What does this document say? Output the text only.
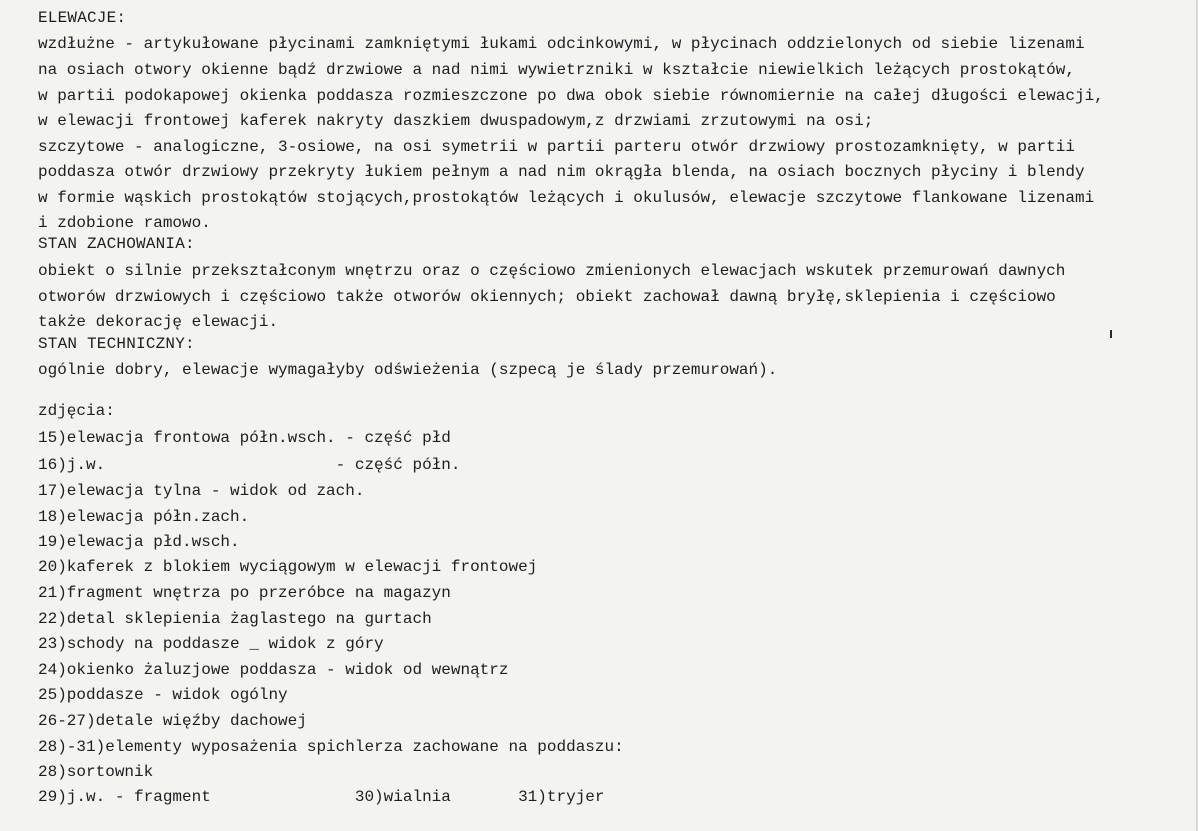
ELEWACJE:
wzdłużne - artykułowane płycinami zamkniętymi łukami odcinkowymi, w płycinach oddzielonych od siebie lizenami
na osiach otwory okienne bądź drzwiowe a nad nimi wywietrzniki w kształcie niewielkich leżących prostokątów,
w partii podokapowej okienka poddasza rozmieszczone po dwa obok siebie równomiernie na całej długości elewacji,
w elewacji frontowej kaferek nakryty daszkiem dwuspadowym,z drzwiami zrzutowymi na osi;
szczytowe - analogiczne, 3-osiowe, na osi symetrii w partii parteru otwór drzwiowy prostozamknięty, w partii
poddasza otwór drzwiowy przekryty łukiem pełnym a nad nim okrągła blenda, na osiach bocznych płyciny i blendy
w formie wąskich prostokątów stojących,prostokątów leżących i okulusów, elewacje szczytowe flankowane lizenami
i zdobione ramowo.
STAN ZACHOWANIA:
obiekt o silnie przekształconym wnętrzu oraz o częściowo zmienionych elewacjach wskutek przemurowań dawnych
otworów drzwiowych i częściowo także otworów okiennych; obiekt zachował dawną bryłę,sklepienia i częściowo
także dekorację elewacji.
STAN TECHNICZNY:
ogólnie dobry, elewacje wymagałyby odświeżenia (szpecą je ślady przemurowań).
zdjęcia:
15)elewacja frontowa półn.wsch. - część płd
16)j.w.                        - część półn.
17)elewacja tylna - widok od zach.
18)elewacja półn.zach.
19)elewacja płd.wsch.
20)kaferek z blokiem wyciągowym w elewacji frontowej
21)fragment wnętrza po przeróbce na magazyn
22)detal sklepienia żaglastego na gurtach
23)schody na poddasze _ widok z góry
24)okienko żaluzjowe poddasza - widok od wewnątrz
25)poddasze - widok ogólny
26-27)detale więźby dachowej
28)-31)elementy wyposażenia spichlerza zachowane na poddaszu:
28)sortownik
29)j.w. - fragment               30)wialnia       31)tryjer
